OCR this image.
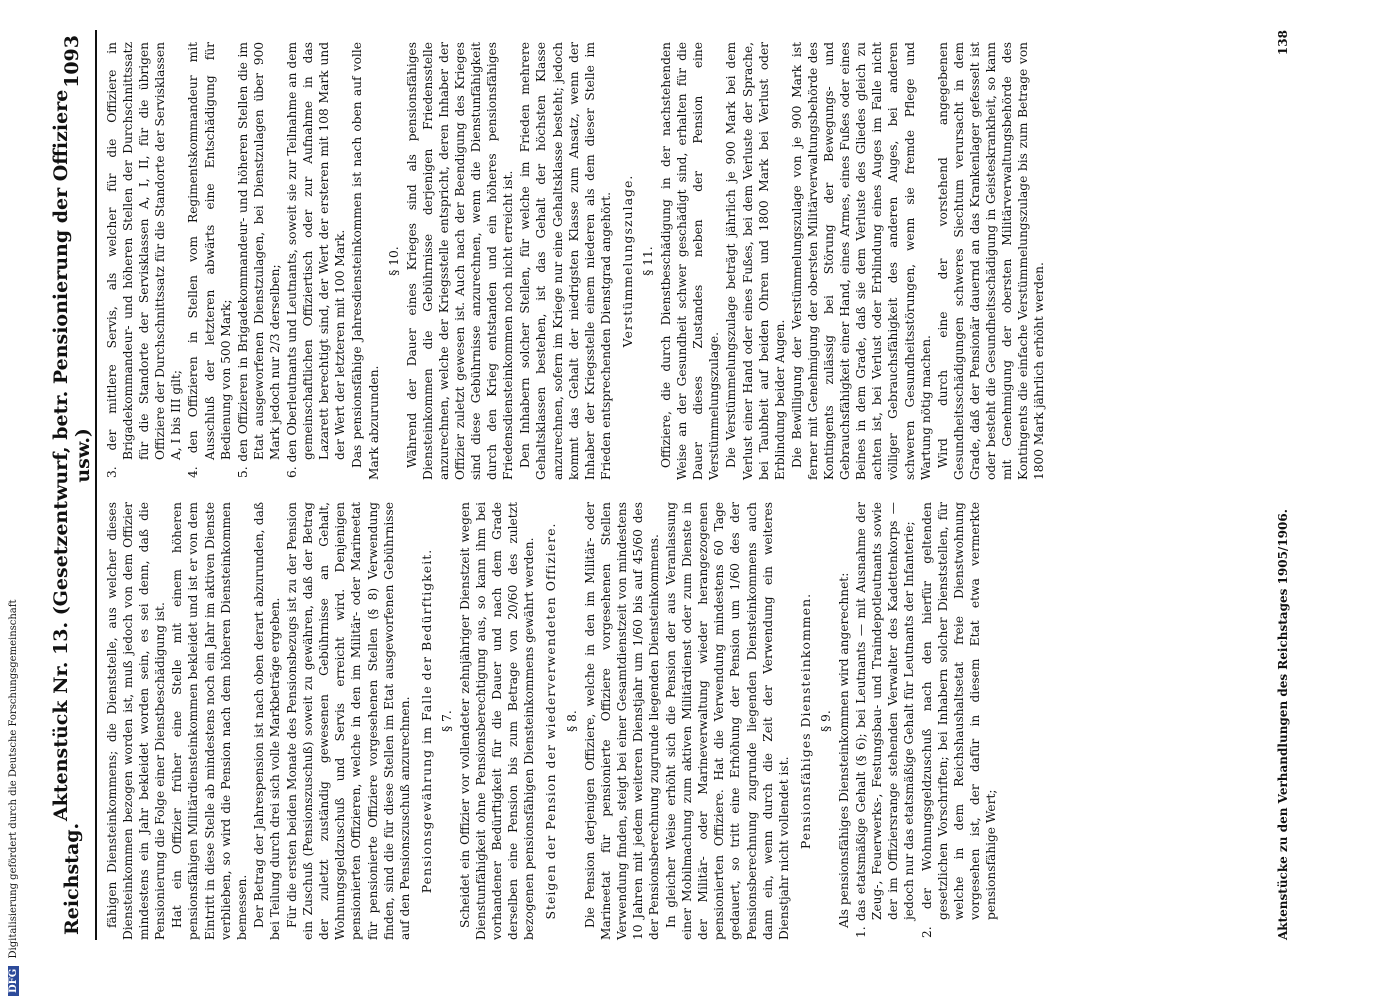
Reichstag.
Aktenstück Nr. 13. (Gesetzentwurf, betr. Pensionierung der Offiziere usw.)
1093

fähigen Diensteinkommens; die Dienststelle, aus welcher dieses Diensteinkommen bezogen worden ist, muß jedoch von dem Offizier mindestens ein Jahr bekleidet worden sein, es sei denn, daß die Pensionierung die Folge einer Dienstbeschädigung ist. Hat ein Offizier früher eine Stelle mit einem höheren pensionsfähigen Militärdiensteinkommen bekleidet und ist er von dem Eintritt in diese Stelle ab mindestens noch ein Jahr im aktiven Dienste verblieben, so wird die Pension nach dem höheren Diensteinkommen bemessen. Der Betrag der Jahrespension ist nach oben derart abzurunden, daß bei Teilung durch drei sich volle Markbeträge ergeben. Für die ersten beiden Monate des Pensionsbezugs ist zu der Pension ein Zuschuß (Pensionszuschuß) soweit zu gewähren, daß der Betrag der zuletzt zuständig gewesenen Gebührnisse an Gehalt, Wohnungsgeldzuschuß und Servis erreicht wird. Denjenigen pensionierten Offizieren, welche in den im Militär- oder Marineetat für pensionierte Offiziere vorgesehenen Stellen (§ 8) Verwendung finden, sind die für diese Stellen im Etat ausgeworfenen Gebührnisse auf den Pensionszuschuß anzurechnen. Pensionsgewährung im Falle der Bedürftigkeit. § 7. Scheidet ein Offizier vor vollendeter zehnjähriger Dienstzeit wegen Dienstunfähigkeit ohne Pensionsberechtigung aus, so kann ihm bei vorhandener Bedürftigkeit für die Dauer und nach dem Grade derselben eine Pension bis zum Betrage von 20/60 des zuletzt bezogenen pensionsfähigen Diensteinkommens gewährt werden. Steigen der Pension der wiederverwendeten Offiziere. § 8. Die Pension derjenigen Offiziere, welche in den im Militär- oder Marineetat für pensionierte Offiziere vorgesehenen Stellen Verwendung finden, steigt bei einer Gesamtdienstzeit von mindestens 10 Jahren mit jedem weiteren Dienstjahr um 1/60 bis auf 45/60 des der Pensionsberechnung zugrunde liegenden Diensteinkommens. In gleicher Weise erhöht sich die Pension der aus Veranlassung einer Mobilmachung zum aktiven Militärdienst oder zum Dienste in der Militär- oder Marineverwaltung wieder herangezogenen pensionierten Offiziere. Hat die Verwendung mindestens 60 Tage gedauert, so tritt eine Erhöhung der Pension um 1/60 des der Pensionsberechnung zugrunde liegenden Diensteinkommens auch dann ein, wenn durch die Zeit der Verwendung ein weiteres Dienstjahr nicht vollendet ist. Pensionsfähiges Diensteinkommen. § 9. Als pensionsfähiges Diensteinkommen wird angerechnet: 1. das etatsmäßige Gehalt (§ 6); bei Leutnants — mit Ausnahme der Zeug-, Feuerwerks-, Festungsbau- und Traindepotleutnants sowie der im Offiziersrange stehenden Verwalter des Kadettenkorps — jedoch nur das etatsmäßige Gehalt für Leutnants der Infanterie; 2. der Wohnungsgeldzuschuß nach den hierfür geltenden gesetzlichen Vorschriften; bei Inhabern solcher Dienststellen, für welche in dem Reichshaushaltsetat freie Dienstwohnung vorgesehen ist, der dafür in diesem Etat etwa vermerkte pensionsfähige Wert;

3. der mittlere Servis, als welcher für die Offiziere in Brigadekommandeur- und höheren Stellen der Durchschnittssatz für die Standorte der Servisklassen A, I, II, für die übrigen Offiziere der Durchschnittssatz für die Standorte der Servisklassen A, I bis III gilt; 4. den Offizieren in Stellen vom Regimentskommandeur mit Ausschluß der letzteren abwärts eine Entschädigung für Bedienung von 500 Mark; 5. den Offizieren in Brigadekommandeur- und höheren Stellen die im Etat ausgeworfenen Dienstzulagen, bei Dienstzulagen über 900 Mark jedoch nur 2/3 derselben; 6. den Oberleutnants und Leutnants, soweit sie zur Teilnahme an dem gemeinschaftlichen Offiziertisch oder zur Aufnahme in das Lazarett berechtigt sind, der Wert der ersteren mit 108 Mark und der Wert der letzteren mit 100 Mark. Das pensionsfähige Jahresdiensteinkommen ist nach oben auf volle Mark abzurunden.

§ 10. Während der Dauer eines Krieges sind als pensionsfähiges Diensteinkommen die Gebührnisse derjenigen Friedensstelle anzurechnen, welche der Kriegsstelle entspricht, deren Inhaber der Offizier zuletzt gewesen ist. Auch nach der Beendigung des Krieges sind diese Gebührnisse anzurechnen, wenn die Dienstunfähigkeit durch den Krieg entstanden und ein höheres pensionsfähiges Friedensdiensteinkommen noch nicht erreicht ist. Den Inhabern solcher Stellen, für welche im Frieden mehrere Gehaltsklassen bestehen, ist das Gehalt der höchsten Klasse anzurechnen, sofern im Kriege nur eine Gehaltsklasse besteht; jedoch kommt das Gehalt der niedrigsten Klasse zum Ansatz, wenn der Inhaber der Kriegsstelle einem niederen als dem dieser Stelle im Frieden entsprechenden Dienstgrad angehört. Verstümmelungszulage. § 11. Offiziere, die durch Dienstbeschädigung in der nachstehenden Weise an der Gesundheit schwer geschädigt sind, erhalten für die Dauer dieses Zustandes neben der Pension eine Verstümmelungszulage. Die Verstümmelungszulage beträgt jährlich je 900 Mark bei dem Verlust einer Hand oder eines Fußes, bei dem Verluste der Sprache, bei Taubheit auf beiden Ohren und 1800 Mark bei Verlust oder Erblindung beider Augen. Die Bewilligung der Verstümmelungszulage von je 900 Mark ist ferner mit Genehmigung der obersten Militärverwaltungsbehörde des Kontingents zulässig bei Störung der Bewegungs- und Gebrauchsfähigkeit einer Hand, eines Armes, eines Fußes oder eines Beines in dem Grade, daß sie dem Verluste des Gliedes gleich zu achten ist, bei Verlust oder Erblindung eines Auges im Falle nicht völliger Gebrauchsfähigkeit des anderen Auges, bei anderen schweren Gesundheitsstörungen, wenn sie fremde Pflege und Wartung nötig machen. Wird durch eine der vorstehend angegebenen Gesundheitsschädigungen schweres Siechtum verursacht in dem Grade, daß der Pensionär dauernd an das Krankenlager gefesselt ist oder besteht die Gesundheitsschädigung in Geisteskrankheit, so kann mit Genehmigung der obersten Militärverwaltungsbehörde des Kontingents die einfache Verstümmelungszulage bis zum Betrage von 1800 Mark jährlich erhöht werden.

Aktenstücke zu den Verhandlungen des Reichstages 1905/1906.
138
DFG Digitalisierung gefördert durch die Deutsche Forschungsgemeinschaft
